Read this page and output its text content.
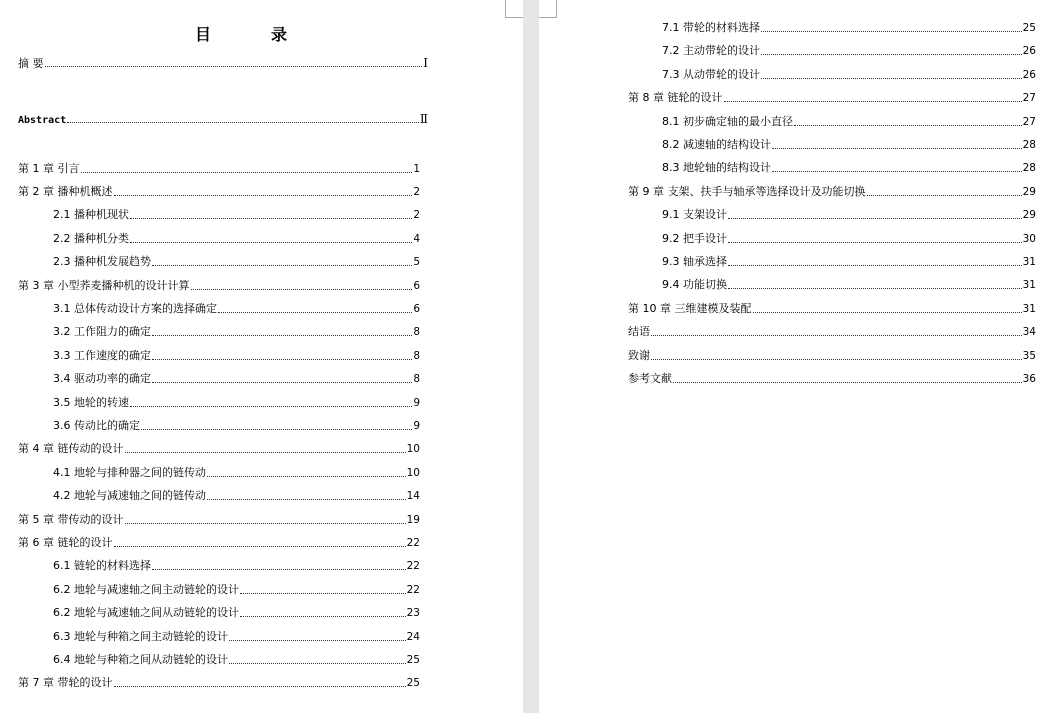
目　录
摘 要	Ⅰ
Abstract	Ⅱ
第 1 章 引言	1
第 2 章 播种机概述	2
2.1 播种机现状	2
2.2 播种机分类	4
2.3 播种机发展趋势	5
第 3 章 小型荞麦播种机的设计计算	6
3.1 总体传动设计方案的选择确定	6
3.2 工作阻力的确定	8
3.3 工作速度的确定	8
3.4 驱动功率的确定	8
3.5 地轮的转速	9
3.6 传动比的确定	9
第 4 章 链传动的设计	10
4.1 地轮与排种器之间的链传动	10
4.2 地轮与减速轴之间的链传动	14
第 5 章 带传动的设计	19
第 6 章 链轮的设计	22
6.1 链轮的材料选择	22
6.2 地轮与减速轴之间主动链轮的设计	22
6.2 地轮与减速轴之间从动链轮的设计	23
6.3 地轮与种箱之间主动链轮的设计	24
6.4 地轮与种箱之间从动链轮的设计	25
第 7 章 带轮的设计	25
7.1 带轮的材料选择	25
7.2 主动带轮的设计	26
7.3 从动带轮的设计	26
第 8 章 链轮的设计	27
8.1 初步确定轴的最小直径	27
8.2 减速轴的结构设计	28
8.3 地轮轴的结构设计	28
第 9 章 支架、扶手与轴承等选择设计及功能切换	29
9.1 支架设计	29
9.2 把手设计	30
9.3 轴承选择	31
9.4 功能切换	31
第 10 章 三维建模及装配	31
结语	34
致谢	35
参考文献	36
